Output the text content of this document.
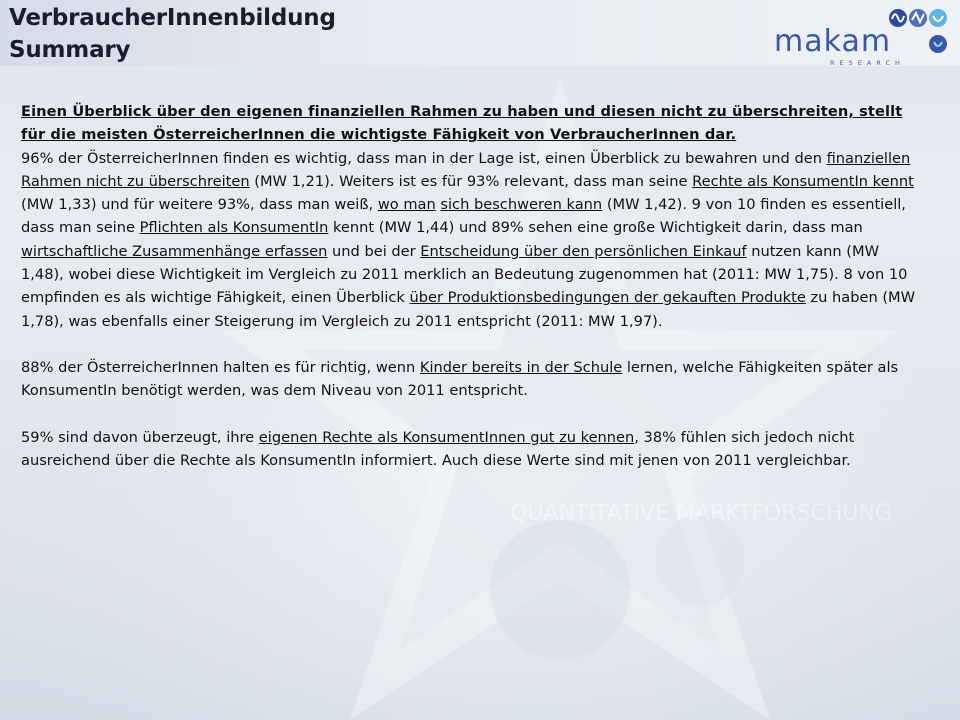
QUANTITATIVE MARKTFORSCHUNG
VerbraucherInnenbildung
Summary	makam
RESEARCH
Einen Überblick über den eigenen finanziellen Rahmen zu haben und diesen nicht zu überschreiten, stellt für die meisten ÖsterreicherInnen die wichtigste Fähigkeit von VerbraucherInnen dar.
96% der ÖsterreicherInnen finden es wichtig, dass man in der Lage ist, einen Überblick zu bewahren und den finanziellen Rahmen nicht zu überschreiten (MW 1,21). Weiters ist es für 93% relevant, dass man seine Rechte als KonsumentIn kennt (MW 1,33) und für weitere 93%, dass man weiß, wo man sich beschweren kann (MW 1,42). 9 von 10 finden es essentiell, dass man seine Pflichten als KonsumentIn kennt (MW 1,44) und 89% sehen eine große Wichtigkeit darin, dass man wirtschaftliche Zusammenhänge erfassen und bei der Entscheidung über den persönlichen Einkauf nutzen kann (MW 1,48), wobei diese Wichtigkeit im Vergleich zu 2011 merklich an Bedeutung zugenommen hat (2011: MW 1,75). 8 von 10 empfinden es als wichtige Fähigkeit, einen Überblick über Produktionsbedingungen der gekauften Produkte zu haben (MW 1,78), was ebenfalls einer Steigerung im Vergleich zu 2011 entspricht (2011: MW 1,97).
88% der ÖsterreicherInnen halten es für richtig, wenn Kinder bereits in der Schule lernen, welche Fähigkeiten später als KonsumentIn benötigt werden, was dem Niveau von 2011 entspricht.
59% sind davon überzeugt, ihre eigenen Rechte als KonsumentInnen gut zu kennen, 38% fühlen sich jedoch nicht ausreichend über die Rechte als KonsumentIn informiert. Auch diese Werte sind mit jenen von 2011 vergleichbar.
